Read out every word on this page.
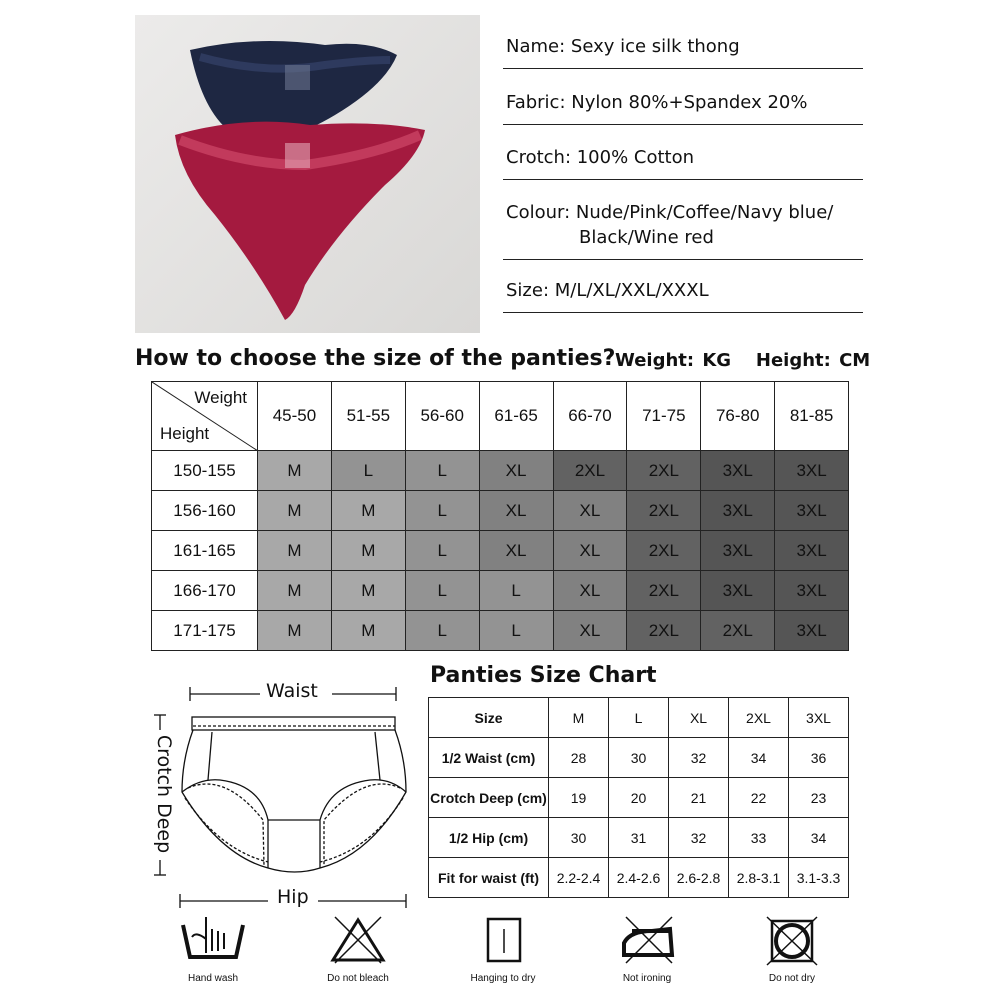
Name: Sexy ice silk thong
Fabric: Nylon 80%+Spandex 20%
Crotch: 100% Cotton
Colour: Nude/Pink/Coffee/Navy blue/
Black/Wine red
Size: M/L/XL/XXL/XXXL
How to choose the size of the panties? Weight: KG   Height: CM
Weight
Height	45-50	51-55	56-60	61-65	66-70	71-75	76-80	81-85
150-155	M	L	L	XL	2XL	2XL	3XL	3XL
156-160	M	M	L	XL	XL	2XL	3XL	3XL
161-165	M	M	L	XL	XL	2XL	3XL	3XL
166-170	M	M	L	L	XL	2XL	3XL	3XL
171-175	M	M	L	L	XL	2XL	2XL	3XL
Waist
Hip
Crotch Deep
Panties Size Chart
Size	M	L	XL	2XL	3XL
1/2 Waist (cm)	28	30	32	34	36
Crotch Deep (cm)	19	20	21	22	23
1/2 Hip (cm)	30	31	32	33	34
Fit for waist (ft)	2.2-2.4	2.4-2.6	2.6-2.8	2.8-3.1	3.1-3.3
Hand wash	Do not bleach	Hanging to dry	Not ironing	Do not dry
